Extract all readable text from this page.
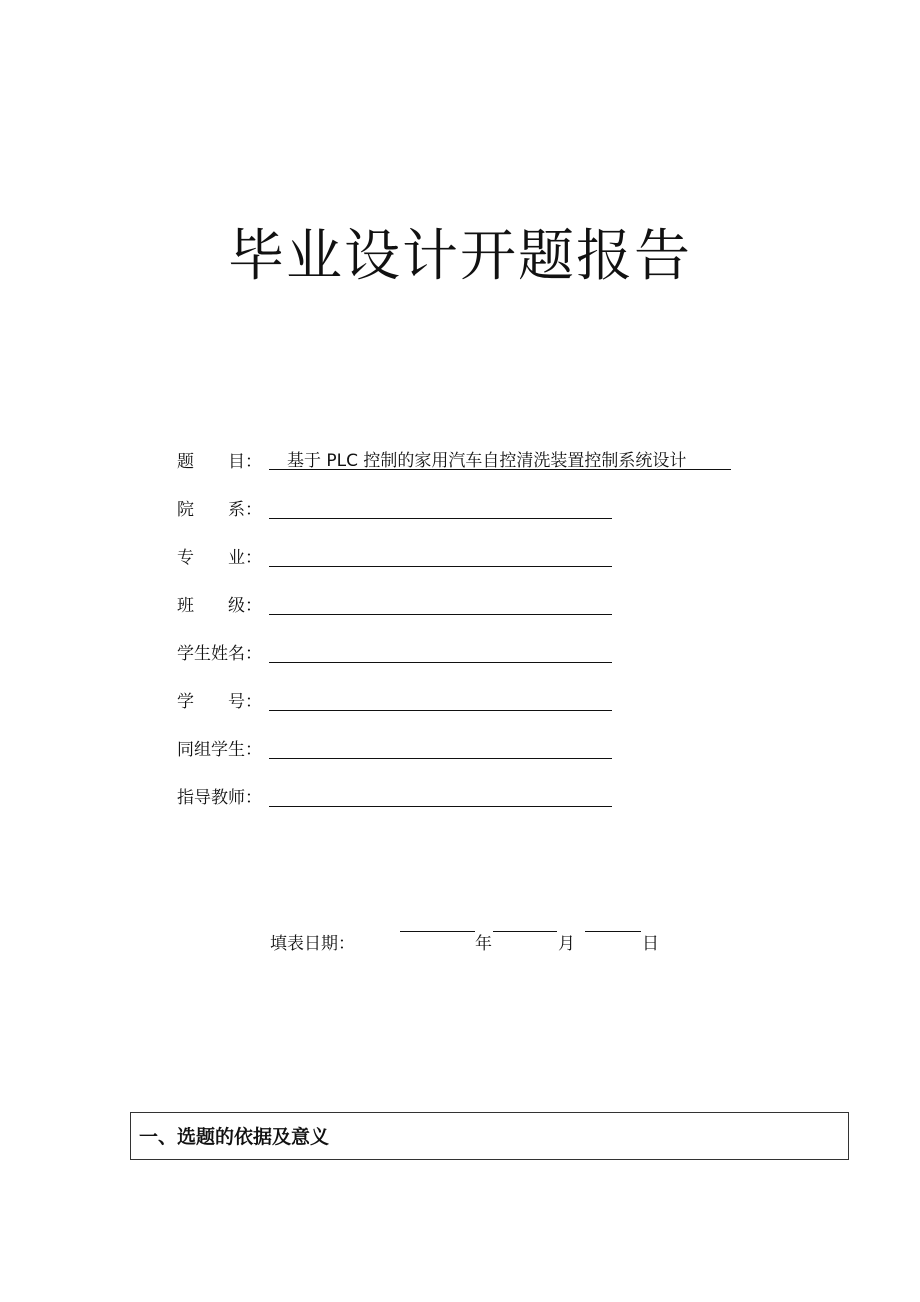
毕业设计开题报告
题　　目：	基于 PLC 控制的家用汽车自控清洗装置控制系统设计
院　　系：
专　　业：
班　　级：
学生姓名：
学　　号：
同组学生：
指导教师：
填表日期：	年	月	日
一、选题的依据及意义
